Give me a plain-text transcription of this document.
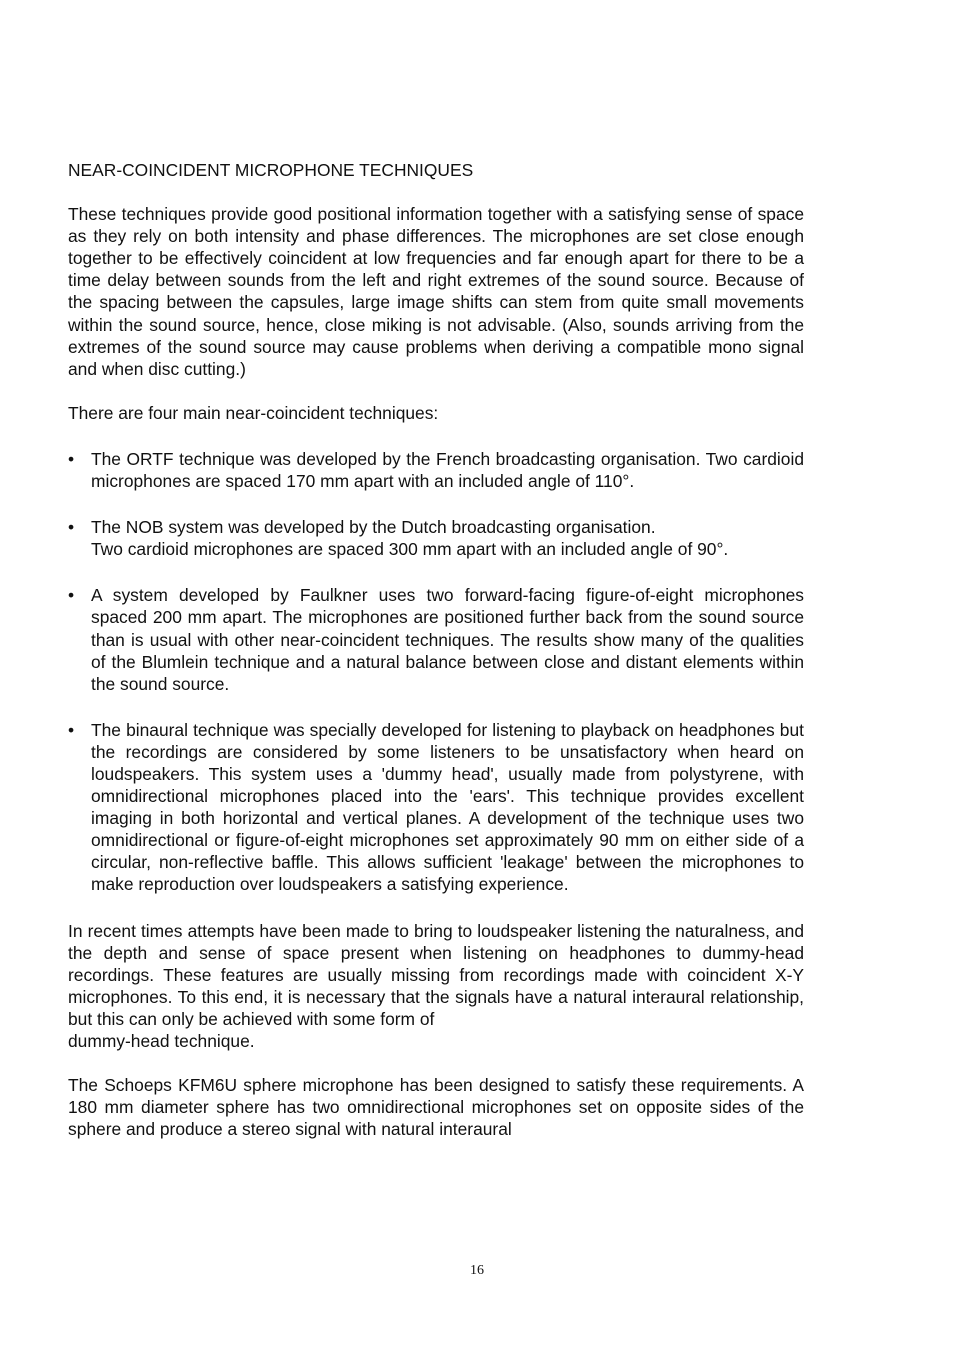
NEAR-COINCIDENT MICROPHONE TECHNIQUES

These techniques provide good positional information together with a satisfying sense of space as they rely on both intensity and phase differences. The microphones are set close enough together to be effectively coincident at low frequencies and far enough apart for there to be a time delay between sounds from the left and right extremes of the sound source. Because of the spacing between the capsules, large image shifts can stem from quite small movements within the sound source, hence, close miking is not advisable. (Also, sounds arriving from the extremes of the sound source may cause problems when deriving a compatible mono signal and when disc cutting.)

There are four main near-coincident techniques:

• The ORTF technique was developed by the French broadcasting organisation. Two cardioid microphones are spaced 170 mm apart with an included angle of 110°.
• The NOB system was developed by the Dutch broadcasting organisation.
Two cardioid microphones are spaced 300 mm apart with an included angle of 90°.
• A system developed by Faulkner uses two forward-facing figure-of-eight microphones spaced 200 mm apart. The microphones are positioned further back from the sound source than is usual with other near-coincident techniques. The results show many of the qualities of the Blumlein technique and a natural balance between close and distant elements within the sound source.
• The binaural technique was specially developed for listening to playback on headphones but the recordings are considered by some listeners to be unsatisfactory when heard on loudspeakers. This system uses a 'dummy head', usually made from polystyrene, with omnidirectional microphones placed into the 'ears'. This technique provides excellent imaging in both horizontal and vertical planes. A development of the technique uses two omnidirectional or figure-of-eight microphones set approximately 90 mm on either side of a circular, non-reflective baffle. This allows sufficient 'leakage' between the microphones to make reproduction over loudspeakers a satisfying experience.

In recent times attempts have been made to bring to loudspeaker listening the naturalness, and the depth and sense of space present when listening on headphones to dummy-head recordings. These features are usually missing from recordings made with coincident X-Y microphones. To this end, it is necessary that the signals have a natural interaural relationship, but this can only be achieved with some form of
dummy-head technique.

The Schoeps KFM6U sphere microphone has been designed to satisfy these requirements. A 180 mm diameter sphere has two omnidirectional microphones set on opposite sides of the sphere and produce a stereo signal with natural interaural

16
